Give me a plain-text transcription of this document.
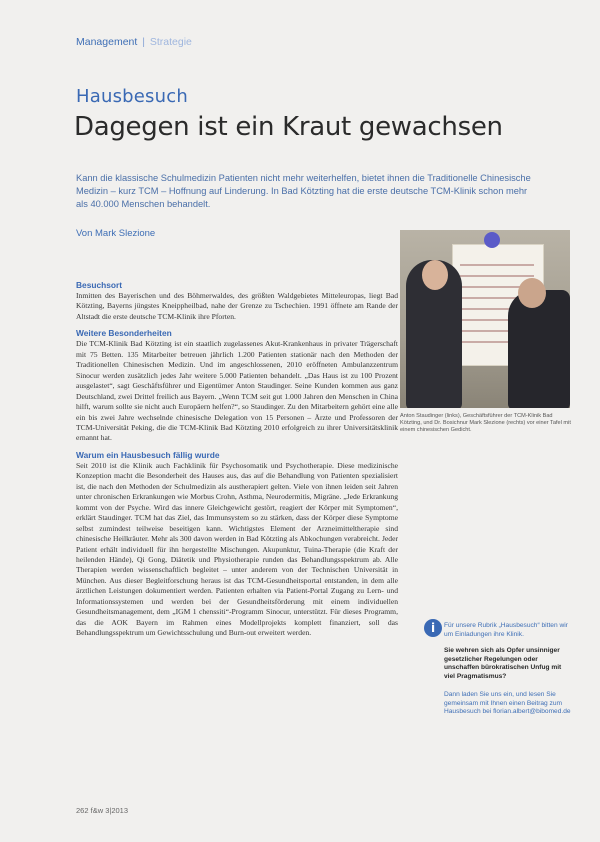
Management | Strategie
Hausbesuch
Dagegen ist ein Kraut gewachsen
Kann die klassische Schulmedizin Patienten nicht mehr weiterhelfen, bietet ihnen die Traditionelle Chinesische Medizin – kurz TCM – Hoffnung auf Linderung. In Bad Kötzting hat die erste deutsche TCM-Klinik schon mehr als 40.000 Menschen behandelt.
Von Mark Slezione
Besuchsort

Inmitten des Bayerischen und des Böhmerwaldes, des größten Waldgebietes Mitteleuropas, liegt Bad Kötzting, Bayerns jüngstes Kneippheilbad, nahe der Grenze zu Tschechien. 1991 öffnete am Rande der Altstadt die erste deutsche TCM-Klinik ihre Pforten.

Weitere Besonderheiten

Die TCM-Klinik Bad Kötzting ist ein staatlich zugelassenes Akut-Krankenhaus in privater Trägerschaft mit 75 Betten. 135 Mitarbeiter betreuen jährlich 1.200 Patienten stationär nach den Methoden der Traditionellen Chinesischen Medizin. Und im angeschlossenen, 2010 eröffneten Ambulanzzentrum Sinocur werden zusätzlich jedes Jahr weitere 5.000 Patienten behandelt. „Das Haus ist zu 100 Prozent ausgelastet“, sagt Geschäftsführer und Eigentümer Anton Staudinger. Seine Kunden kommen aus ganz Deutschland, zwei Drittel freilich aus Bayern. „Wenn TCM seit gut 1.000 Jahren den Menschen in China hilft, warum sollte sie nicht auch Europäern helfen?“, so Staudinger. Zu den Mitarbeitern gehört eine alle ein bis zwei Jahre wechselnde chinesische Delegation von 15 Personen – Ärzte und Professoren der TCM-Universität Peking, die die TCM-Klinik Bad Kötzting 2010 erfolgreich zu ihrer Universitätsklinik ernannt hat.

Warum ein Hausbesuch fällig wurde

Seit 2010 ist die Klinik auch Fachklinik für Psychosomatik und Psychotherapie. Diese medizinische Konzeption macht die Besonderheit des Hauses aus, das auf die Behandlung von Patienten spezialisiert ist, die nach den Methoden der Schulmedizin als austherapiert gelten. Viele von ihnen leiden seit Jahren unter chronischen Erkrankungen wie Morbus Crohn, Asthma, Neurodermitis, Migräne. „Jede Erkrankung kommt von der Psyche. Wird das innere Gleichgewicht gestört, reagiert der Körper mit Symptomen“, erklärt Staudinger. TCM hat das Ziel, das Immunsystem so zu stärken, dass der Körper diese Symptome selbst zumindest teilweise beseitigen kann. Wichtigstes Element der Arzneimitteltherapie sind chinesische Heilkräuter. Mehr als 300 davon werden in Bad Kötzting als Abkochungen verabreicht. Jeder Patient erhält individuell für ihn hergestellte Mischungen. Akupunktur, Tuina-Therapie (die Kraft der heilenden Hände), Qi Gong, Diätetik und Physiotherapie runden das Behandlungsspektrum ab. Alle Therapien werden wissenschaftlich begleitet – unter anderem von der Technischen Universität in München. Aus dieser Begleitforschung heraus ist das TCM-Gesundheitsportal entstanden, in dem alle ärztlichen Leistungen dokumentiert werden. Patienten erhalten via Patient-Portal Zugang zu Lern- und Informationssystemen und werden bei der Gesundheitsförderung mit einem individuellen Gesundheitsmanagement, dem „IGM 1 chenssiti“-Programm Sinocur, unterstützt. Für dieses Programm, das die AOK Bayern im Rahmen eines Modellprojekts komplett finanziert, soll das Behandlungsspektrum um Gewichtsschulung und Burn-out erweitert werden.

Anton Staudinger (links), Geschäftsführer der TCM-Klinik Bad Kötzting, und Dr. Bosichnur Mark Slezione (rechts) vor einer Tafel mit einem chinesischen Gedicht.
i	Für unsere Rubrik „Hausbesuch“ bitten wir um Einladungen ihre Klinik.

Sie wehren sich als Opfer unsinniger gesetzlicher Regelungen oder unschaffen bürokratischen Unfug mit viel Pragmatismus?

Dann laden Sie uns ein, und lesen Sie gemeinsam mit Ihnen einen Beitrag zum Hausbesuch bei florian.albert@bibomed.de

262 f&w 3|2013
